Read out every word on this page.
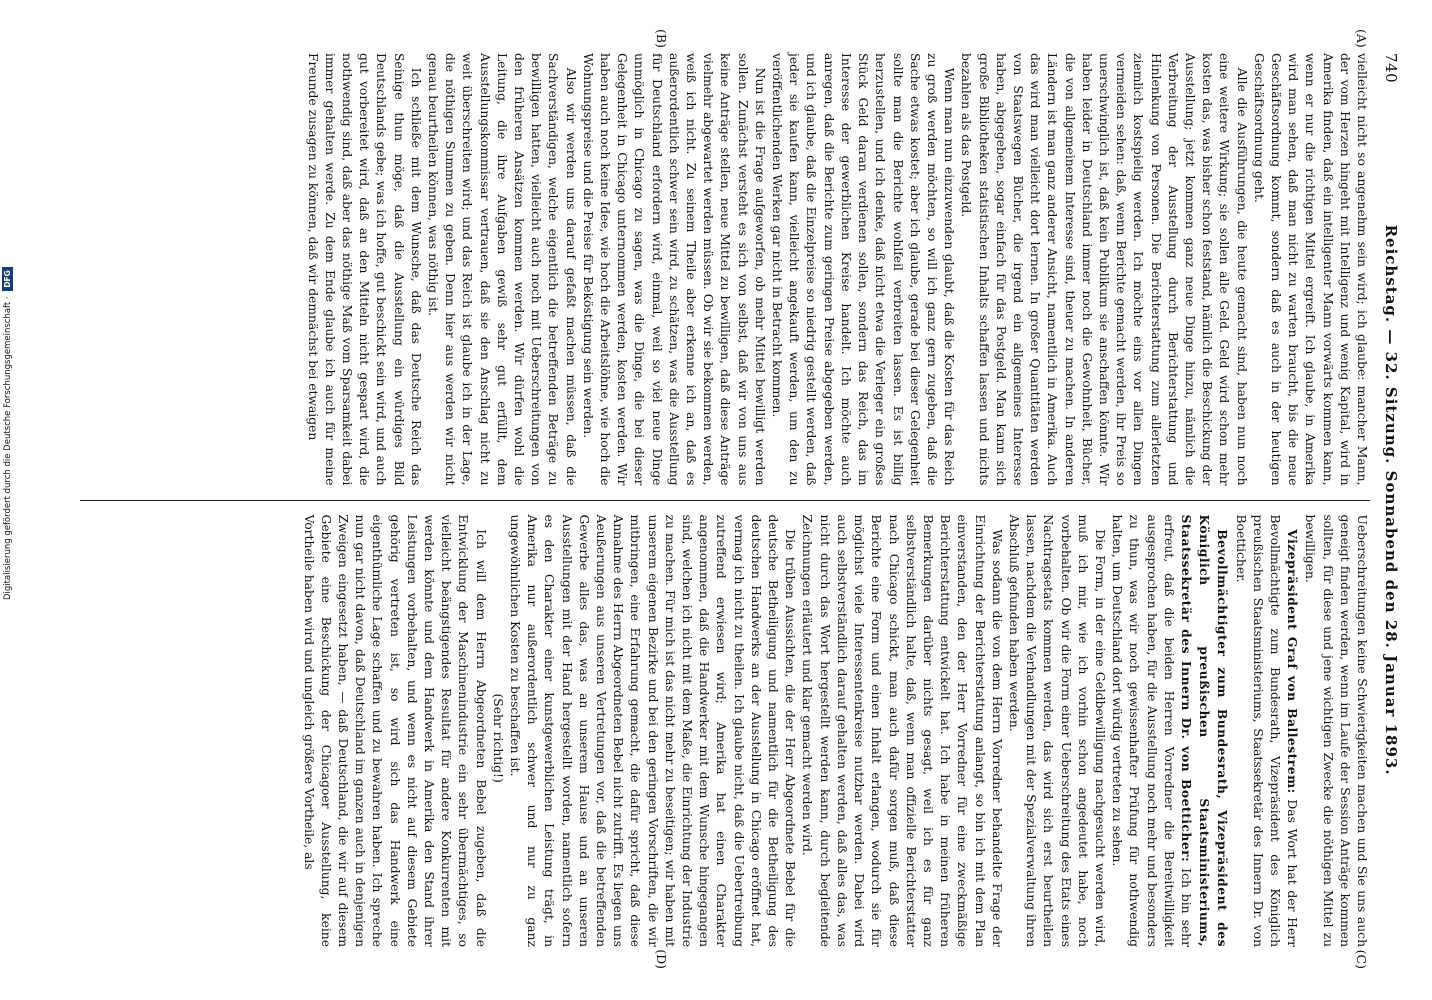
740
Reichstag. — 32. Sitzung. Sonnabend den 28. Januar 1893.
(A)
(B)

vielleicht nicht so angenehm sein wird; ich glaube: mancher Mann, der vom Herzen hingeht mit Intelligenz und wenig Kapital, wird in Amerika finden, daß ein intelligenter Mann vorwärts kommen kann, wenn er nur die richtigen Mittel ergreift. Ich glaube, in Amerika wird man sehen, daß man nicht zu warten braucht, bis die neue Geschäftsordnung kommt, sondern daß es auch in der heutigen Geschäftsordnung geht.

Alle die Ausführungen, die heute gemacht sind, haben nun noch eine weitere Wirkung; sie sollen alle Geld. Geld wird schon mehr kosten das, was bisher schon feststand, nämlich die Beschickung der Ausstellung; jetzt kommen ganz neue Dinge hinzu, nämlich die Verbreitung der Ausstellung durch Berichterstattung und Hinlenkung von Personen. Die Berichterstattung zum allerletzten ziemlich kostspielig werden. Ich möchte eins vor allen Dingen vermeiden sehen: daß, wenn Berichte gemacht werden, ihr Preis so unerschwinglich ist, daß kein Publikum sie anschaffen könnte. Wir haben leider in Deutschland immer noch die Gewohnheit, Bücher, die von allgemeinem Interesse sind, theuer zu machen. In anderen Ländern ist man ganz anderer Ansicht, namentlich in Amerika. Auch das wird man vielleicht dort lernen. In großer Quantitäten werden von Staatswegen Bücher, die irgend ein allgemeines Interesse haben, abgegeben, sogar einfach für das Postgeld. Man kann sich große Bibliotheken statistischen Inhalts schaffen lassen und nichts bezahlen als das Postgeld.

Wenn man nun einzuwenden glaubt, daß die Kosten für das Reich zu groß werden möchten, so will ich ganz gern zugeben, daß die Sache etwas kostet; aber ich glaube, gerade bei dieser Gelegenheit sollte man die Berichte wohlfeil verbreiten lassen. Es ist billig herzustellen, und ich denke, daß nicht etwa die Verleger ein großes Stück Geld daran verdienen sollen, sondern das Reich, das im Interesse der gewerblichen Kreise handelt. Ich möchte auch anregen, daß die Berichte zum geringen Preise abgegeben werden, und ich glaube, daß die Einzelpreise so niedrig gestellt werden, daß jeder sie kaufen kann, vielleicht angekauft werden, um den zu veröffentlichenden Werken gar nicht in Betracht kommen.

Nun ist die Frage aufgeworfen, ob mehr Mittel bewilligt werden sollen. Zunächst versteht es sich von selbst, daß wir von uns aus keine Anträge stellen, neue Mittel zu bewilligen, daß diese Anträge vielmehr abgewartet werden müssen. Ob wir sie bekommen werden, weiß ich nicht. Zu seinem Theile aber erkenne ich an, daß es außerordentlich schwer sein wird, zu schätzen, was die Ausstellung für Deutschland erfordern wird, einmal, weil so viel neue Dinge unmöglich in Chicago zu sagen, was die Dinge, die bei dieser Gelegenheit in Chicago unternommen werden, kosten werden. Wir haben auch noch keine Idee, wie hoch die Arbeitslöhne, wie hoch die Wohnungspreise und die Preise für Beköstigung sein werden.

Also wir werden uns darauf gefaßt machen müssen, daß die Sachverständigen, welche eigentlich die betreffenden Beträge zu bewilligen hatten, vielleicht auch noch mit Ueberschreitungen von den früheren Ansätzen kommen werden. Wir dürfen wohl die Leitung, die ihre Aufgaben gewiß sehr gut erfüllt, dem Ausstellungskommissar vertrauen, daß sie den Anschlag nicht zu weit überschreiten wird; und das Reich ist glaube ich in der Lage, die nöthigen Summen zu geben. Denn hier aus werden wir nicht genau beurtheilen können, was nöthig ist.

Ich schließe mit dem Wunsche, daß das Deutsche Reich das Seinige thun möge, daß die Ausstellung ein würdiges Bild Deutschlands gebe; was ich hoffe, gut beschickt sein wird, und auch gut vorbereitet wird, daß an den Mitteln nicht gespart wird, die nothwendig sind, daß aber das nöthige Maß vom Sparsamkeit dabei immer gehalten werde. Zu dem Ende glaube ich auch für meine Freunde zusagen zu können, daß wir demnächst bei etwaigen

(C)
(D)

Ueberschreitungen keine Schwierigkeiten machen und Sie uns auch geneigt finden werden, wenn im Laufe der Session Anträge kommen sollten, für diese und jene wichtigen Zwecke die nöthigen Mittel zu bewilligen.

Vizepräsident Graf von Ballestrem: Das Wort hat der Herr Bevollmächtigte zum Bundesrath, Vizepräsident des Königlich preußischen Staatsministeriums, Staatssekretär des Innern Dr. von Boetticher.

Bevollmächtigter zum Bundesrath, Vizepräsident des Königlich preußischen Staatsministeriums, Staatssekretär des Innern Dr. von Boetticher: Ich bin sehr erfreut, daß die beiden Herren Vorredner die Bereitwilligkeit ausgesprochen haben, für die Ausstellung noch mehr und besonders zu thun, was wir noch gewissenhafter Prüfung für nothwendig halten, um Deutschland dort würdig vertreten zu sehen.

Die Form, in der eine Geldbewilligung nachgesucht werden wird, muß ich mir, wie ich vorhin schon angedeutet habe, noch vorbehalten. Ob wir die Form einer Ueberschreitung des Etats eines Nachtragsetats kommen werden, das wird sich erst beurtheilen lassen, nachdem die Verhandlungen mit der Spezialverwaltung ihren Abschluß gefunden haben werden.

Was sodann die von dem Herrn Vorredner behandelte Frage der Einrichtung der Berichterstattung anlangt, so bin ich mit dem Plan einverstanden, den der Herr Vorredner für eine zweckmäßige Berichterstattung entwickelt hat. Ich habe in meinen früheren Bemerkungen darüber nichts gesagt, weil ich es für ganz selbstverständlich halte, daß, wenn man offizielle Berichterstatter nach Chicago schickt, man auch dafür sorgen muß, daß diese Berichte eine Form und einen Inhalt erlangen, wodurch sie für möglichst viele Interessentenkreise nutzbar werden. Dabei wird auch selbstverständlich darauf gehalten werden, daß alles das, was nicht durch das Wort hergestellt werden kann, durch begleitende Zeichnungen erläutert und klar gemacht werden wird.

Die trüben Aussichten, die der Herr Abgeordnete Bebel für die deutsche Betheiligung und namentlich für die Betheiligung des deutschen Handwerks an der Ausstellung in Chicago eröffnet hat, vermag ich nicht zu theilen. Ich glaube nicht, daß die Uebertreibung zutreffend erwiesen wird; Amerika hat einen Charakter angenommen, daß die Handwerker mit dem Wunsche hingegangen sind, welchen ich nicht mit dem Maße, die Einrichtung der Industrie zu machen. Für mich ist das nicht mehr zu beseitigen; wir haben mit unserem eigenen Bezirke und bei den geringen Vorschriften, die wir mitbringen, eine Erfahrung gemacht, die dafür spricht, daß diese Annahme des Herrn Abgeordneten Bebel nicht zutrifft. Es liegen uns Aeußerungen aus unseren Vertretungen vor, daß die betreffenden Gewerbe alles das, was an unserem Hause und an unseren Ausstellungen mit der Hand hergestellt worden, namentlich sofern es den Charakter einer kunstgewerblichen Leistung trägt, in Amerika nur außerordentlich schwer und nur zu ganz ungewöhnlichen Kosten zu beschaffen ist.

(Sehr richtig!)

Ich will dem Herrn Abgeordneten Bebel zugeben, daß die Entwicklung der Maschinenindustrie ein sehr übermächtiges, so vielleicht beängstigendes Resultat für andere Konkurrenten mit werden könnte und dem Handwerk in Amerika den Stand ihrer Leistungen vorbehalten, und wenn es nicht auf diesem Gebiete gehörig vertreten ist, so wird sich das Handwerk eine eigenthümliche Lage schaffen und zu bewahren haben. Ich spreche nun gar nicht davon, daß Deutschland im ganzen auch in denjenigen Zweigen eingesetzt haben, — daß Deutschland, die wir auf diesem Gebiete eine Beschickung der Chicagoer Ausstellung, keine Vortheile haben wird und ungleich größere Vortheile, als

Digitalisierung gefördert durch die Deutsche Forschungsgemeinschaft · DFG
